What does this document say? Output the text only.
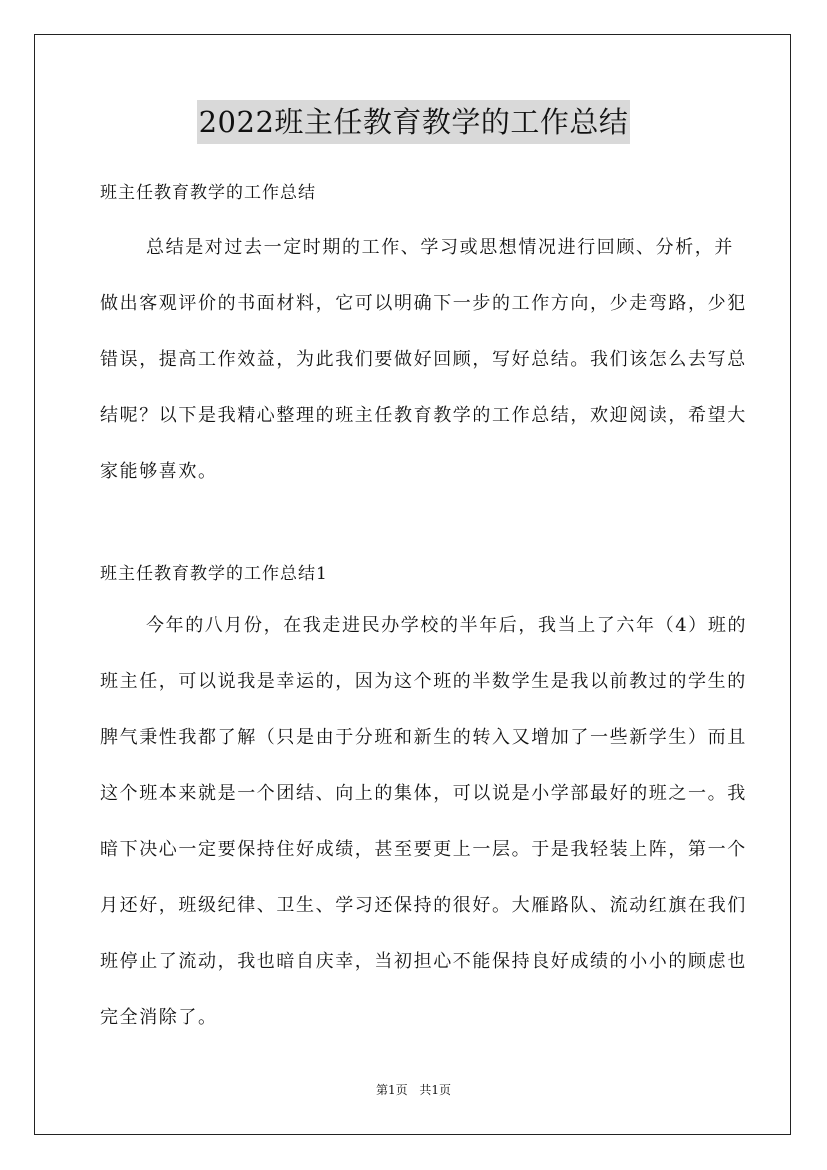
2022班主任教育教学的工作总结
班主任教育教学的工作总结

总结是对过去一定时期的工作、学习或思想情况进行回顾、分析，并做出客观评价的书面材料，它可以明确下一步的工作方向，少走弯路，少犯错误，提高工作效益，为此我们要做好回顾，写好总结。我们该怎么去写总结呢？以下是我精心整理的班主任教育教学的工作总结，欢迎阅读，希望大家能够喜欢。

班主任教育教学的工作总结1

今年的八月份，在我走进民办学校的半年后，我当上了六年（4）班的班主任，可以说我是幸运的，因为这个班的半数学生是我以前教过的学生的脾气秉性我都了解（只是由于分班和新生的转入又增加了一些新学生）而且这个班本来就是一个团结、向上的集体，可以说是小学部最好的班之一。我暗下决心一定要保持住好成绩，甚至要更上一层。于是我轻装上阵，第一个月还好，班级纪律、卫生、学习还保持的很好。大雁路队、流动红旗在我们班停止了流动，我也暗自庆幸，当初担心不能保持良好成绩的小小的顾虑也完全消除了。

第1页 共1页
